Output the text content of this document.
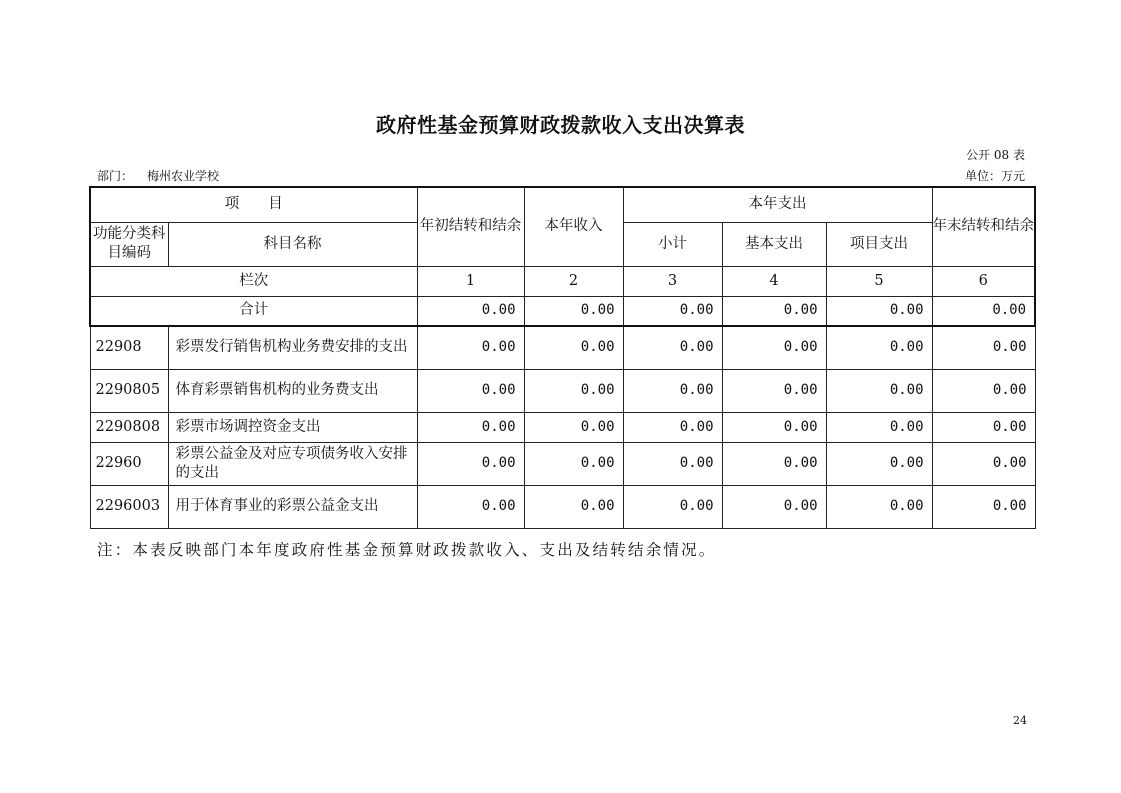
政府性基金预算财政拨款收入支出决算表
公开 08 表
部门： 梅州农业学校	单位：万元
项　　目		年初结转和结余	本年收入	本年支出			年末结转和结余
功能分类科目编码	科目名称			小计	基本支出	项目支出	
栏次		1	2	3	4	5	6
合计		0.00	0.00	0.00	0.00	0.00	0.00
22908	彩票发行销售机构业务费安排的支出	0.00	0.00	0.00	0.00	0.00	0.00
2290805	体育彩票销售机构的业务费支出	0.00	0.00	0.00	0.00	0.00	0.00
2290808	彩票市场调控资金支出	0.00	0.00	0.00	0.00	0.00	0.00
22960	彩票公益金及对应专项债务收入安排的支出	0.00	0.00	0.00	0.00	0.00	0.00
2296003	用于体育事业的彩票公益金支出	0.00	0.00	0.00	0.00	0.00	0.00
注：本表反映部门本年度政府性基金预算财政拨款收入、支出及结转结余情况。
24
